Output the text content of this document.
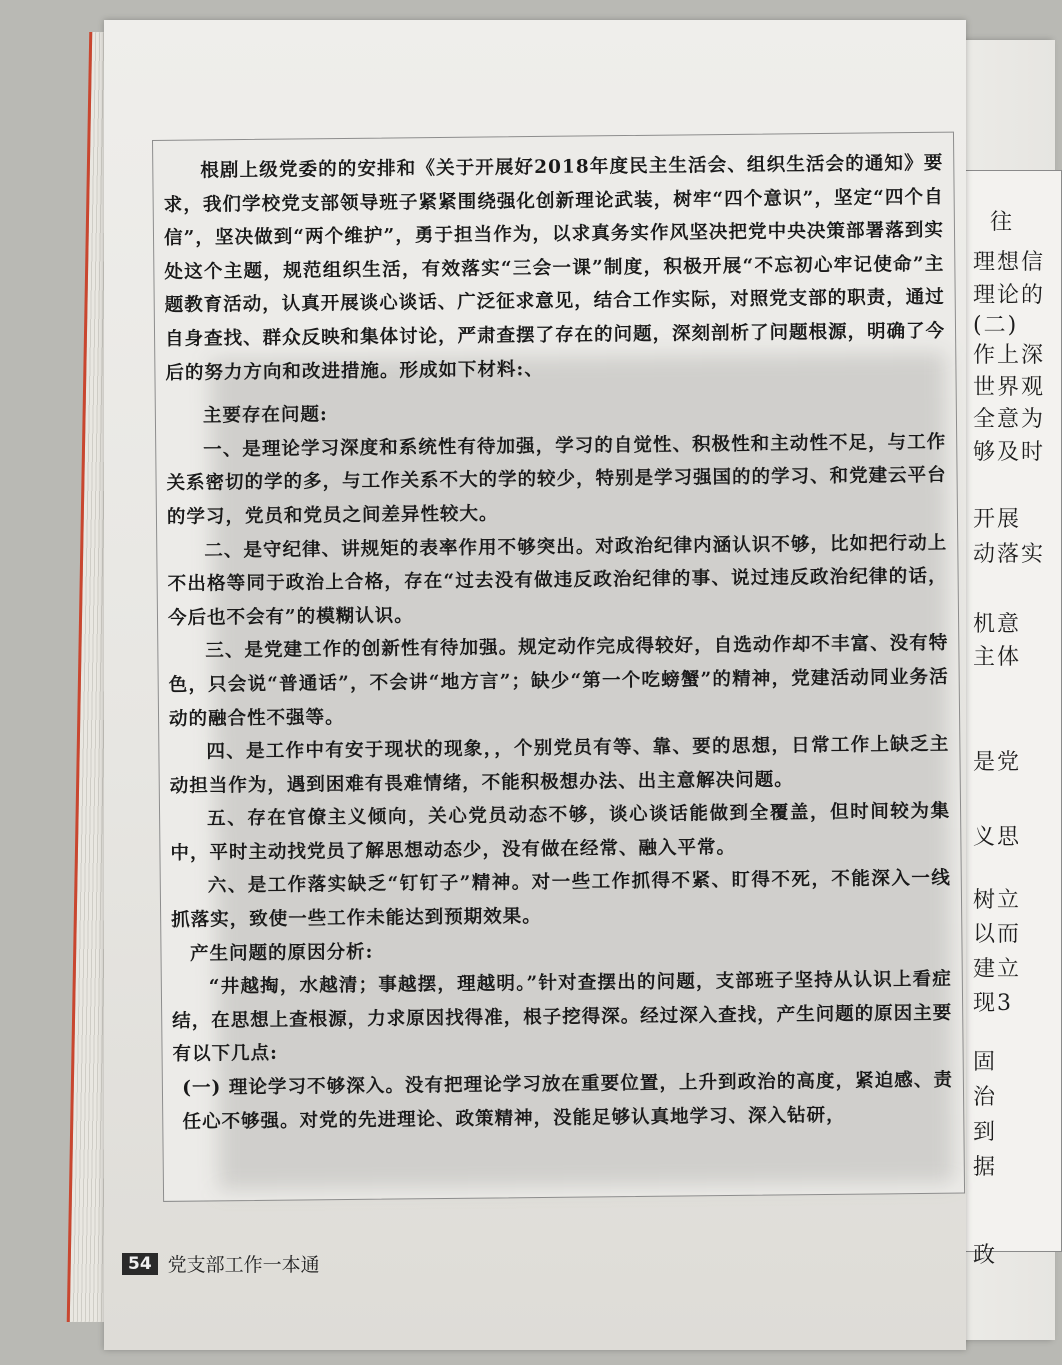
往
理想信
理论的
(二)
作上深
世界观
全意为
够及时
开展
动落实
机意
主体
是党
义思
树立
以而
建立
现3
固
治
到
据
政

根剧上级党委的的安排和《关于开展好2018年度民主生活会、组织生活会的通知》要求，我们学校党支部领导班子紧紧围绕强化创新理论武装，树牢“四个意识”，坚定“四个自信”，坚决做到“两个维护”，勇于担当作为，以求真务实作风坚决把党中央决策部署落到实处这个主题，规范组织生活，有效落实“三会一课”制度，积极开展“不忘初心牢记使命”主题教育活动，认真开展谈心谈话、广泛征求意见，结合工作实际，对照党支部的职责，通过自身查找、群众反映和集体讨论，严肃查摆了存在的问题，深刻剖析了问题根源，明确了今后的努力方向和改进措施。形成如下材料:、

主要存在问题:

一、是理论学习深度和系统性有待加强，学习的自觉性、积极性和主动性不足，与工作关系密切的学的多，与工作关系不大的学的较少，特别是学习强国的的学习、和党建云平台的学习，党员和党员之间差异性较大。

二、是守纪律、讲规矩的表率作用不够突出。对政治纪律内涵认识不够，比如把行动上不出格等同于政治上合格，存在“过去没有做违反政治纪律的事、说过违反政治纪律的话，今后也不会有”的模糊认识。

三、是党建工作的创新性有待加强。规定动作完成得较好，自选动作却不丰富、没有特色，只会说“普通话”，不会讲“地方言”；缺少“第一个吃螃蟹”的精神，党建活动同业务活动的融合性不强等。

四、是工作中有安于现状的现象，，个别党员有等、靠、要的思想，日常工作上缺乏主动担当作为，遇到困难有畏难情绪，不能积极想办法、出主意解决问题。

五、存在官僚主义倾向，关心党员动态不够，谈心谈话能做到全覆盖，但时间较为集中，平时主动找党员了解思想动态少，没有做在经常、融入平常。

六、是工作落实缺乏“钉钉子”精神。对一些工作抓得不紧、盯得不死，不能深入一线抓落实，致使一些工作未能达到预期效果。

产生问题的原因分析:

“井越掏，水越清；事越摆，理越明。”针对查摆出的问题，支部班子坚持从认识上看症结，在思想上查根源，力求原因找得准，根子挖得深。经过深入查找，产生问题的原因主要有以下几点:

(一) 理论学习不够深入。没有把理论学习放在重要位置，上升到政治的高度，紧迫感、责任心不够强。对党的先进理论、政策精神，没能足够认真地学习、深入钻研，

54 党支部工作一本通
